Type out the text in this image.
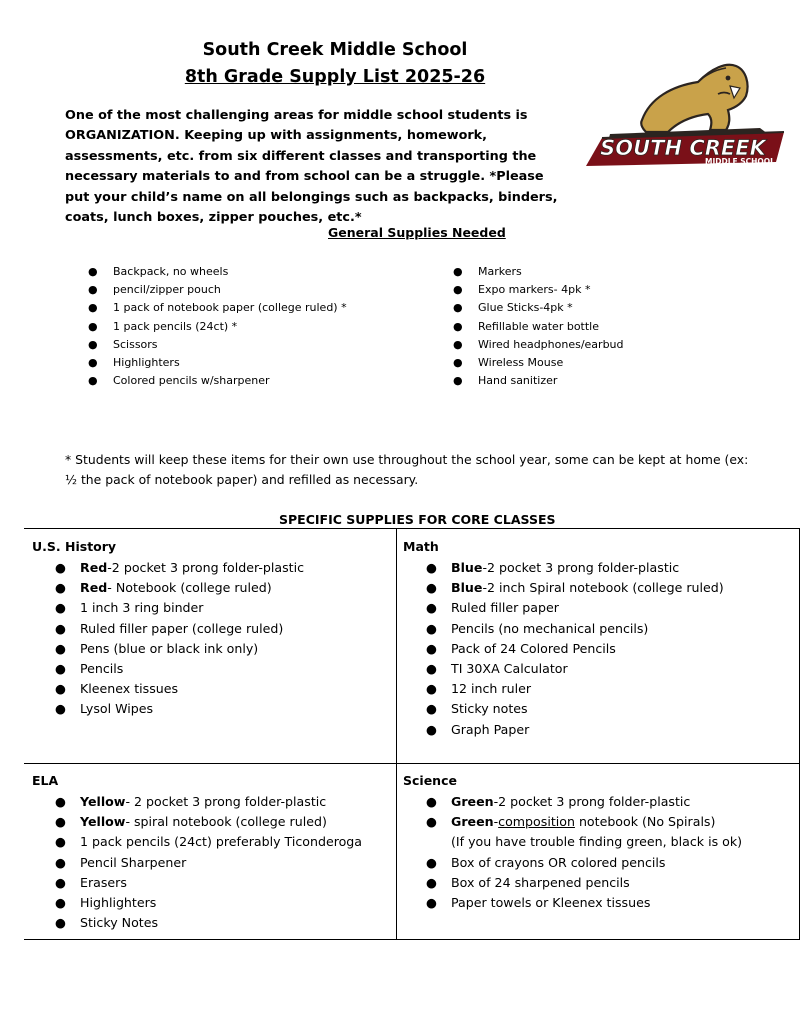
South Creek Middle School
8th Grade Supply List 2025-26
One of the most challenging areas for middle school students is ORGANIZATION. Keeping up with assignments, homework, assessments, etc. from six different classes and transporting the necessary materials to and from school can be a struggle. *Please put your child’s name on all belongings such as backpacks, binders, coats, lunch boxes, zipper pouches, etc.*
SOUTH CREEK
MIDDLE SCHOOL
General Supplies Needed
● Backpack, no wheels
● pencil/zipper pouch
● 1 pack of notebook paper (college ruled) *
● 1 pack pencils (24ct) *
● Scissors
● Highlighters
● Colored pencils w/sharpener
● Markers
● Expo markers- 4pk *
● Glue Sticks-4pk *
● Refillable water bottle
● Wired headphones/earbud
● Wireless Mouse
● Hand sanitizer
* Students will keep these items for their own use throughout the school year, some can be kept at home (ex: ½ the pack of notebook paper) and refilled as necessary.
SPECIFIC SUPPLIES FOR CORE CLASSES
U.S. History
● Red-2 pocket 3 prong folder-plastic
● Red- Notebook (college ruled)
● 1 inch 3 ring binder
● Ruled filler paper (college ruled)
● Pens (blue or black ink only)
● Pencils
● Kleenex tissues
● Lysol Wipes
Math
● Blue-2 pocket 3 prong folder-plastic
● Blue-2 inch Spiral notebook (college ruled)
● Ruled filler paper
● Pencils (no mechanical pencils)
● Pack of 24 Colored Pencils
● TI 30XA Calculator
● 12 inch ruler
● Sticky notes
● Graph Paper
ELA
● Yellow- 2 pocket 3 prong folder-plastic
● Yellow- spiral notebook (college ruled)
● 1 pack pencils (24ct) preferably Ticonderoga
● Pencil Sharpener
● Erasers
● Highlighters
● Sticky Notes
Science
● Green-2 pocket 3 prong folder-plastic
● Green-composition notebook (No Spirals)
(If you have trouble finding green, black is ok)
● Box of crayons OR colored pencils
● Box of 24 sharpened pencils
● Paper towels or Kleenex tissues
